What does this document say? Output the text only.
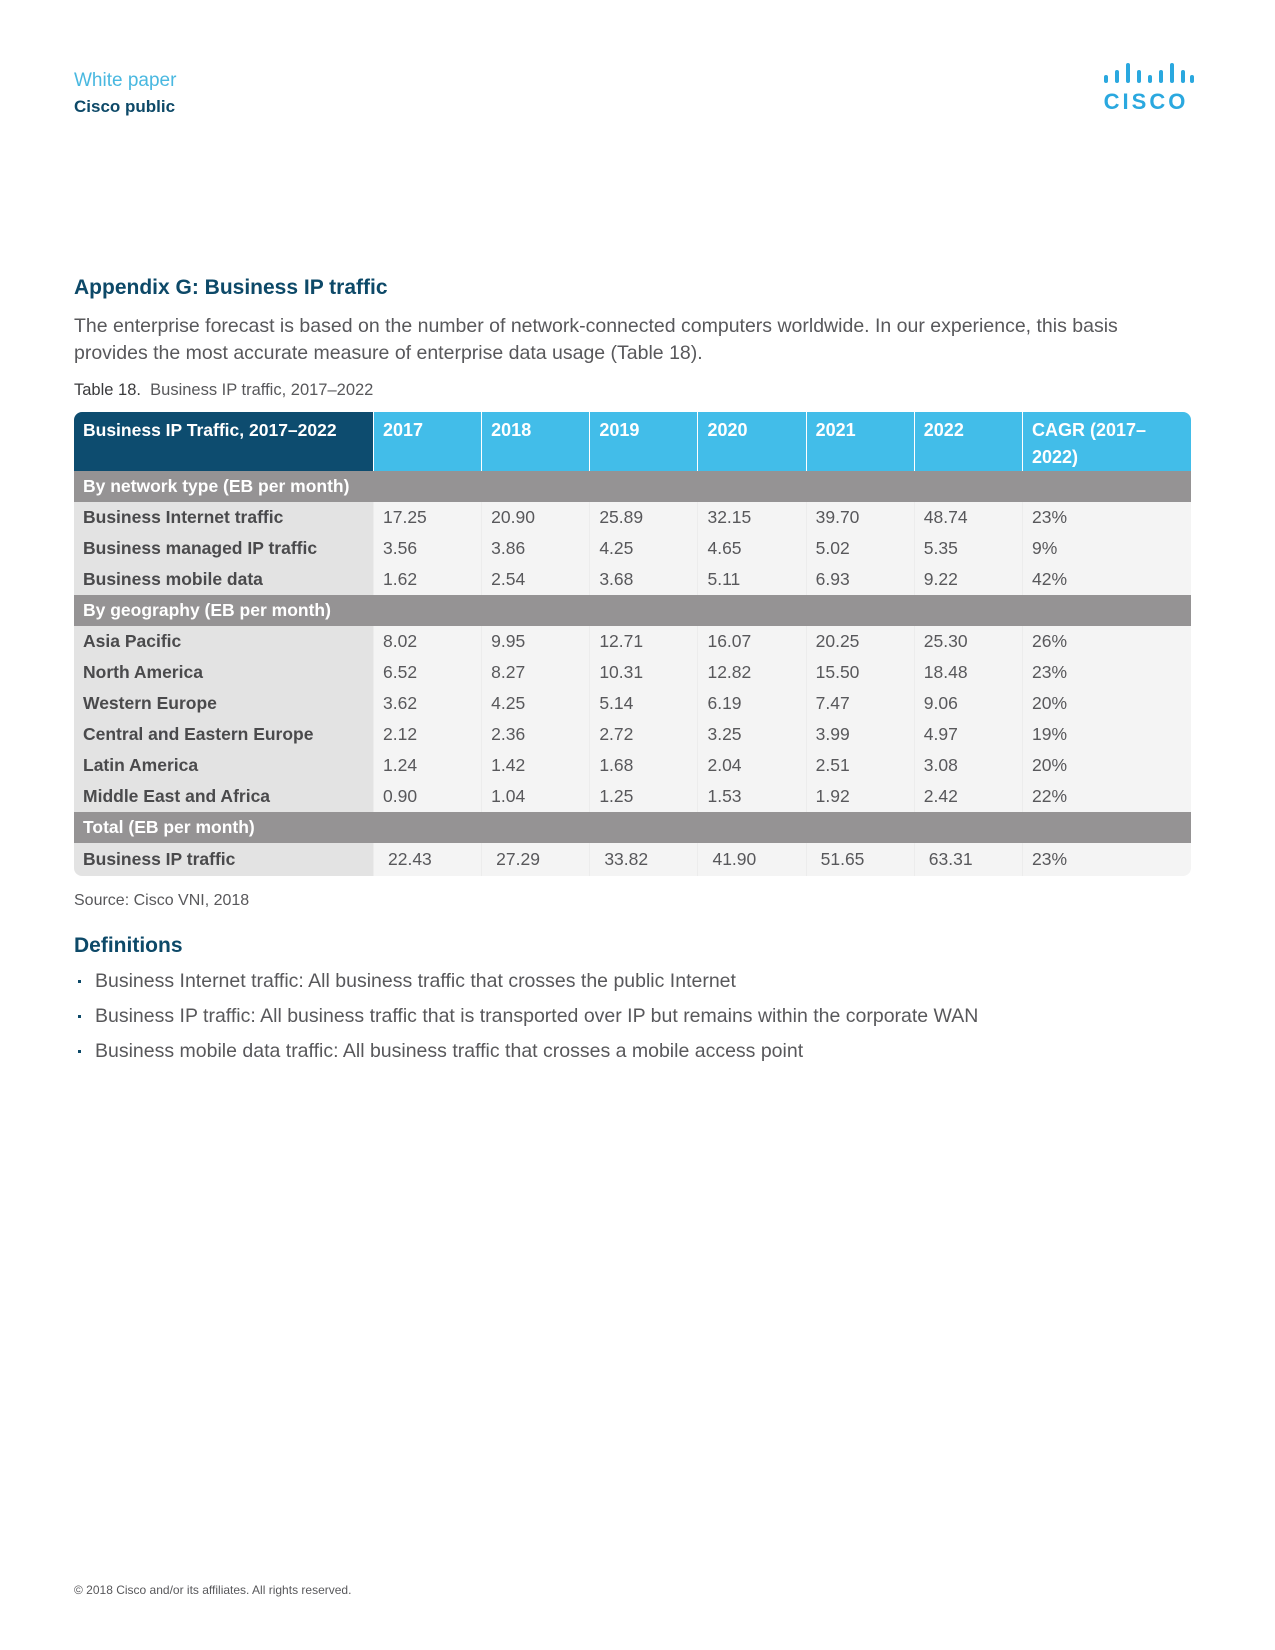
White paper
Cisco public	CISCO
Appendix G: Business IP traffic
The enterprise forecast is based on the number of network-connected computers worldwide. In our experience, this basis provides the most accurate measure of enterprise data usage (Table 18).
Table 18. Business IP traffic, 2017–2022
Business IP Traffic, 2017–2022	2017	2018	2019	2020	2021	2022	CAGR (2017–2022)
By network type (EB per month)							
Business Internet traffic	17.25	20.90	25.89	32.15	39.70	48.74	23%
Business managed IP traffic	3.56	3.86	4.25	4.65	5.02	5.35	9%
Business mobile data	1.62	2.54	3.68	5.11	6.93	9.22	42%
By geography (EB per month)							
Asia Pacific	8.02	9.95	12.71	16.07	20.25	25.30	26%
North America	6.52	8.27	10.31	12.82	15.50	18.48	23%
Western Europe	3.62	4.25	5.14	6.19	7.47	9.06	20%
Central and Eastern Europe	2.12	2.36	2.72	3.25	3.99	4.97	19%
Latin America	1.24	1.42	1.68	2.04	2.51	3.08	20%
Middle East and Africa	0.90	1.04	1.25	1.53	1.92	2.42	22%
Total (EB per month)							
Business IP traffic	22.43	27.29	33.82	41.90	51.65	63.31	23%
Source: Cisco VNI, 2018
Definitions
Business Internet traffic: All business traffic that crosses the public Internet
Business IP traffic: All business traffic that is transported over IP but remains within the corporate WAN
Business mobile data traffic: All business traffic that crosses a mobile access point
© 2018 Cisco and/or its affiliates. All rights reserved.
